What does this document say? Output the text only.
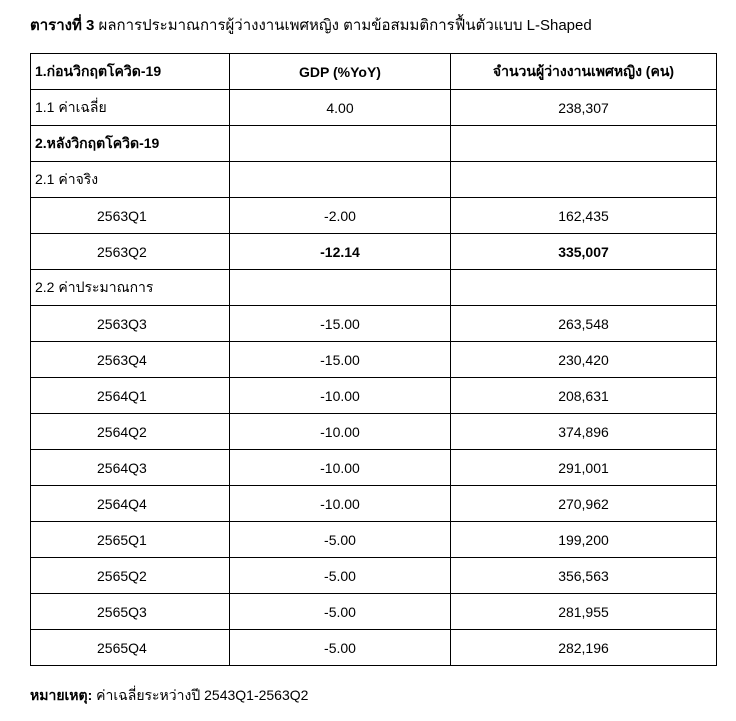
ตารางที่ 3 ผลการประมาณการผู้ว่างงานเพศหญิง ตามข้อสมมติการฟื้นตัวแบบ L-Shaped
1.ก่อนวิกฤตโควิด-19	GDP (%YoY)	จำนวนผู้ว่างงานเพศหญิง (คน)
1.1 ค่าเฉลี่ย	4.00	238,307
2.หลังวิกฤตโควิด-19		
2.1 ค่าจริง		
2563Q1	-2.00	162,435
2563Q2	-12.14	335,007
2.2 ค่าประมาณการ		
2563Q3	-15.00	263,548
2563Q4	-15.00	230,420
2564Q1	-10.00	208,631
2564Q2	-10.00	374,896
2564Q3	-10.00	291,001
2564Q4	-10.00	270,962
2565Q1	-5.00	199,200
2565Q2	-5.00	356,563
2565Q3	-5.00	281,955
2565Q4	-5.00	282,196
หมายเหตุ: ค่าเฉลี่ยระหว่างปี 2543Q1-2563Q2
